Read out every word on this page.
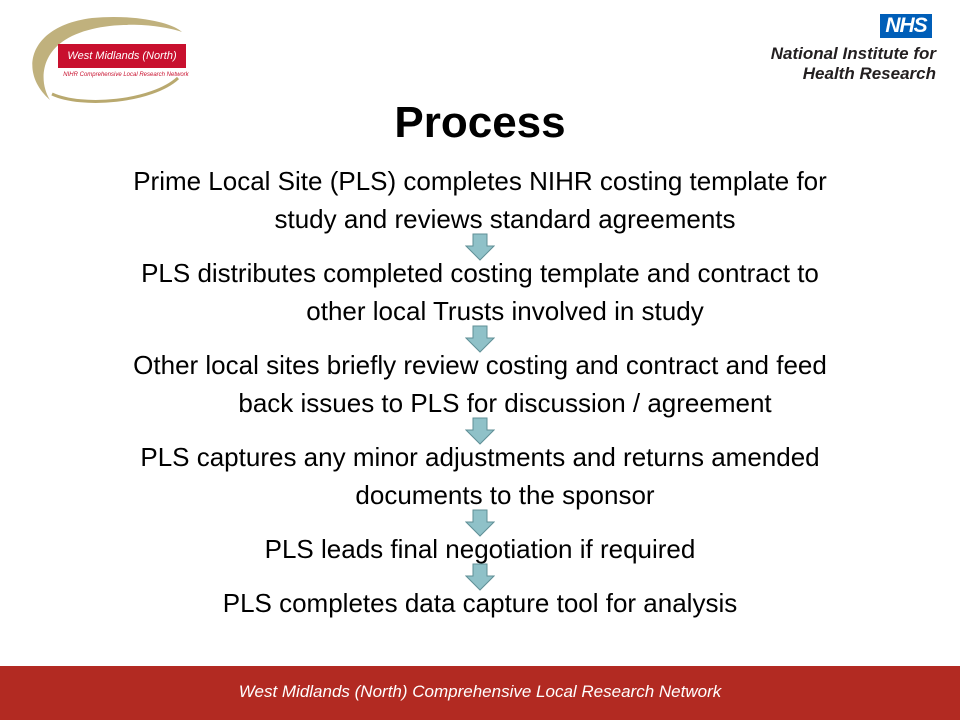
West Midlands (North)
NIHR Comprehensive Local Research Network
NHS
National Institute for
Health Research
Process

Prime Local Site (PLS) completes NIHR costing template for
study and reviews standard agreements

PLS distributes completed costing template and contract to
other local Trusts involved in study

Other local sites briefly review costing and contract and feed
back issues to PLS for discussion / agreement

PLS captures any minor adjustments and returns amended
documents to the sponsor

PLS leads final negotiation if required

PLS completes data capture tool for analysis

West Midlands (North) Comprehensive Local Research Network
